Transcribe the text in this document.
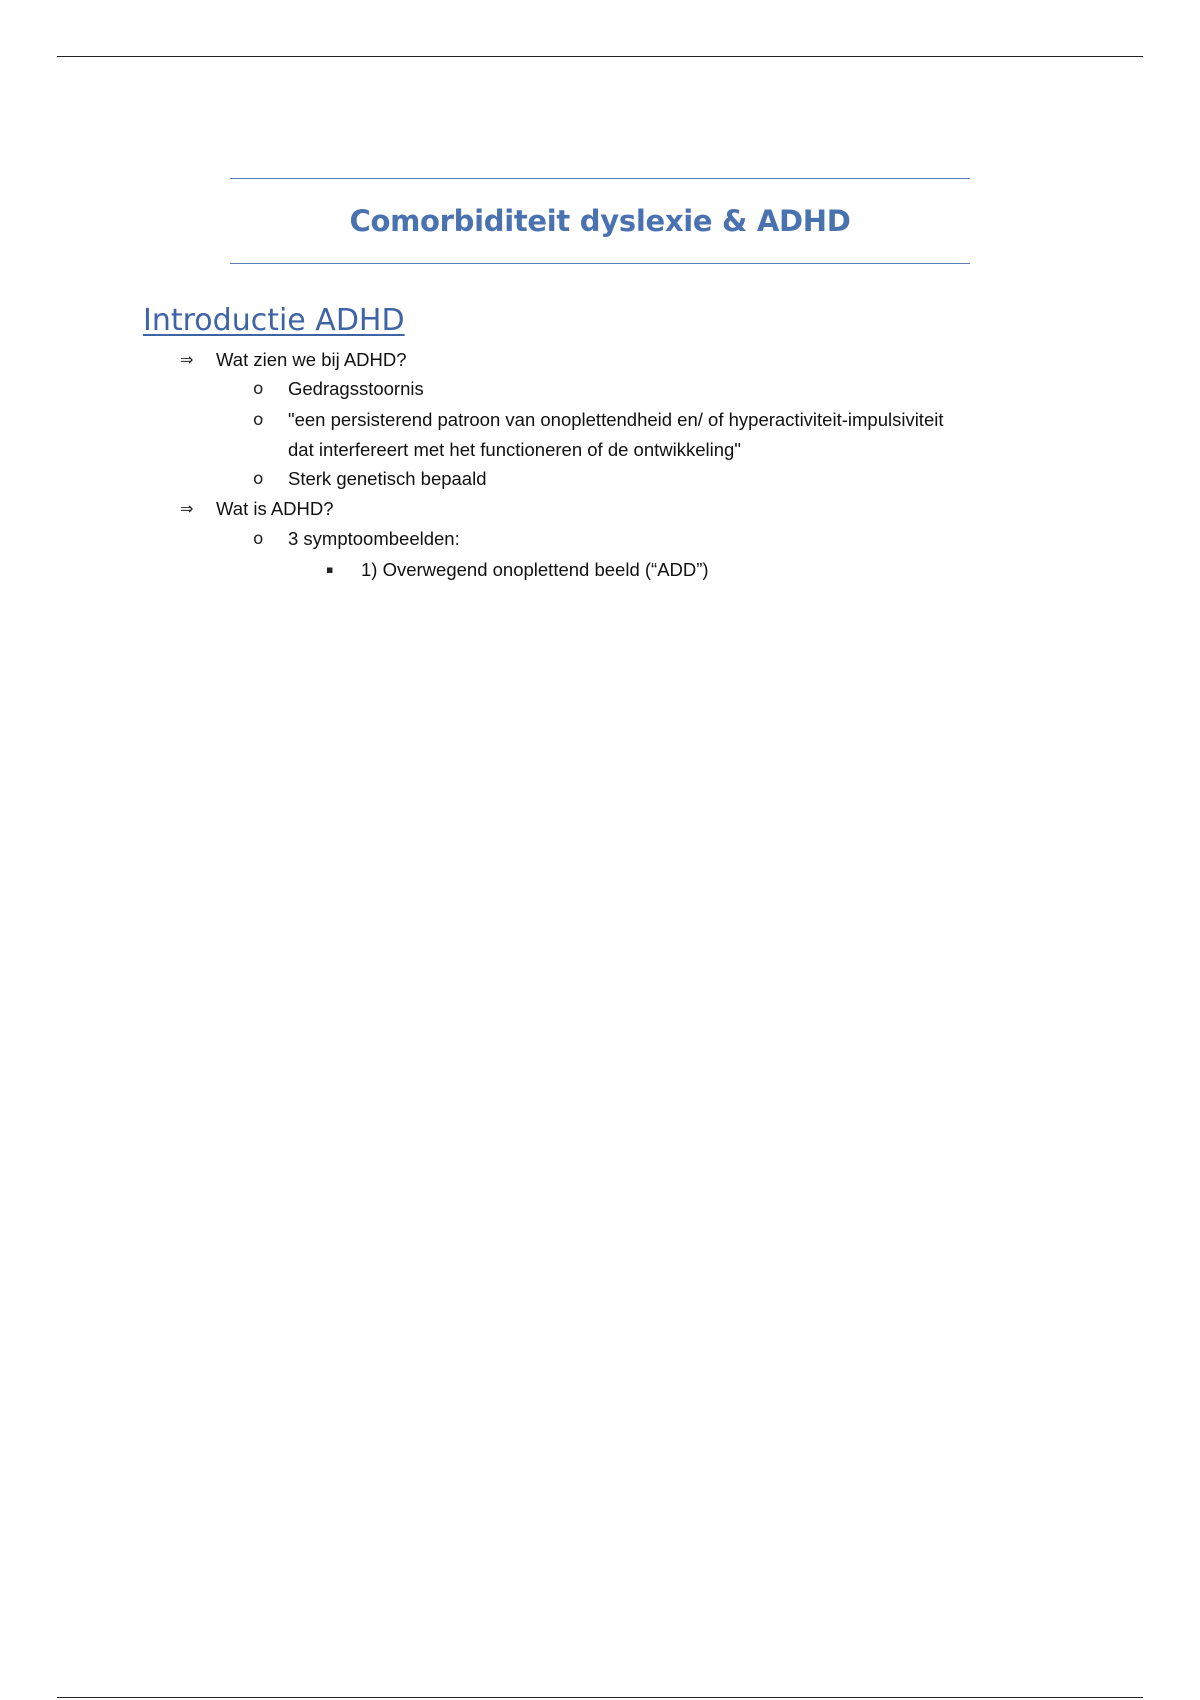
Comorbiditeit dyslexie & ADHD
Introductie ADHD
⇒ Wat zien we bij ADHD?
o Gedragsstoornis
o "een persisterend patroon van onoplettendheid en/ of hyperactiviteit-impulsiviteit
dat interfereert met het functioneren of de ontwikkeling"
o Sterk genetisch bepaald
⇒ Wat is ADHD?
o 3 symptoombeelden:
▪ 1) Overwegend onoplettend beeld (“ADD”)
